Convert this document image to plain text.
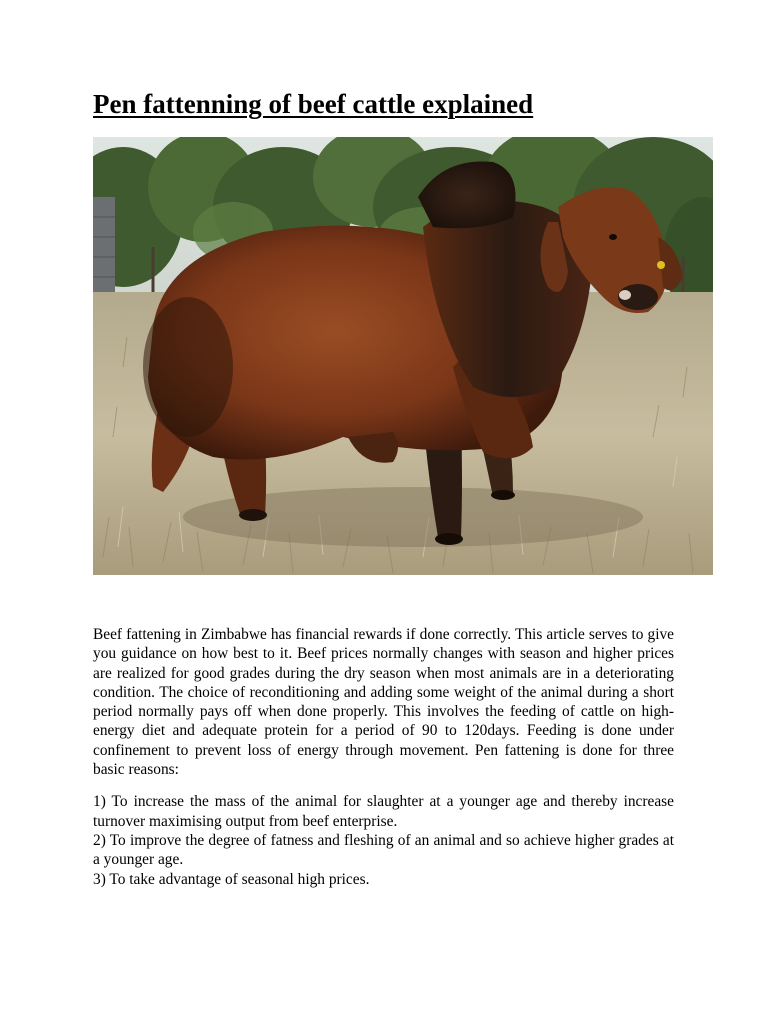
Pen fattenning of beef cattle explained

Beef fattening in Zimbabwe has financial rewards if done correctly. This article serves to give you guidance on how best to it. Beef prices normally changes with season and higher prices are realized for good grades during the dry season when most animals are in a deteriorating condition. The choice of reconditioning and adding some weight of the animal during a short period normally pays off when done properly. This involves the feeding of cattle on high-energy diet and adequate protein for a period of 90 to 120days. Feeding is done under confinement to prevent loss of energy through movement. Pen fattening is done for three basic reasons:

1) To increase the mass of the animal for slaughter at a younger age and thereby increase turnover maximising output from beef enterprise.

2) To improve the degree of fatness and fleshing of an animal and so achieve higher grades at a younger age.

3) To take advantage of seasonal high prices.
